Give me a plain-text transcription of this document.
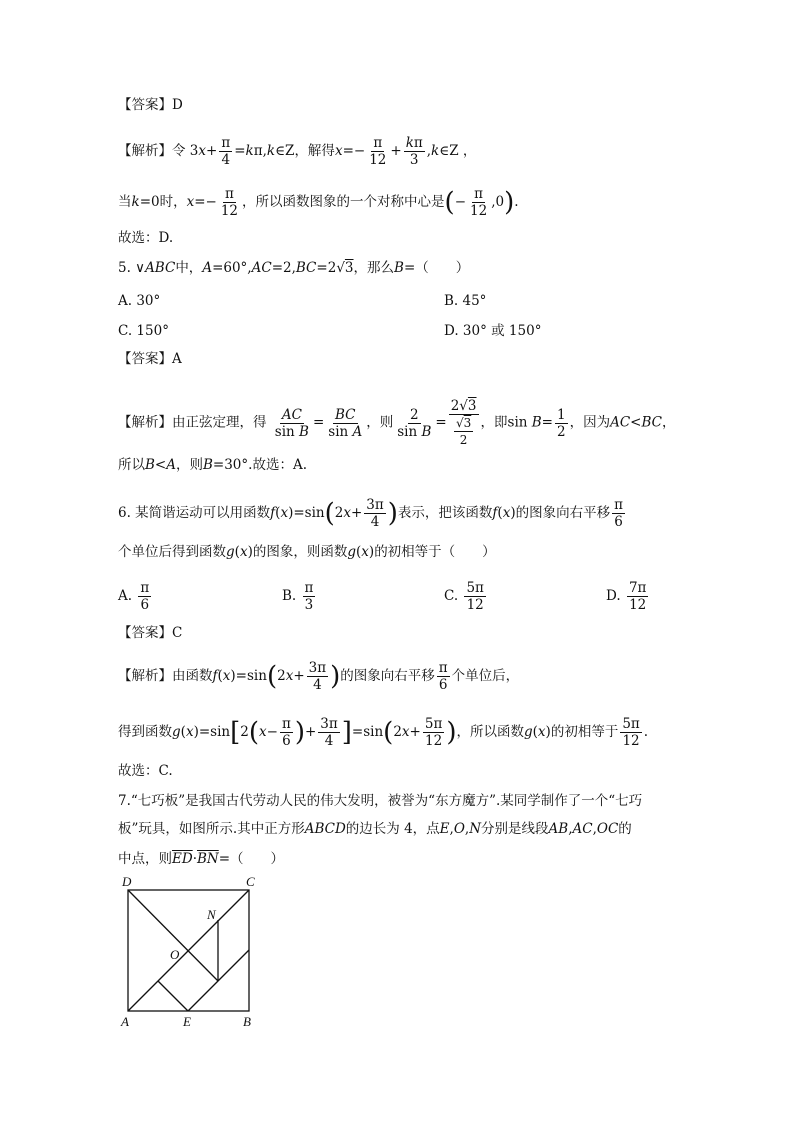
【答案】D
【解析】令 $3x+ \frac{\pi}{4}$ =kπ,k∈Z，解得$x=- \frac{\pi}{12} + \frac{k\pi}{3}$ ,k∈Z ，
当k=0时，$x=- \frac{\pi}{12}$ ，所以函数图象的一个对称中心是(− $\frac{\pi}{12} ,0$).
故选：D.
5. ∨ABC中，A=60°,AC=2,BC=2√3，那么B=（　　）
A. 30°	B. 45°
C. 150°	D. 30° 或 150°
【答案】A
【解析】由正弦定理，得 $\frac{AC}{\text{sin B}} = \frac{BC}{\text{sin A}}$ ，则 $\frac{2}{\text{sin B}} = \frac{2√3}{\frac{√3}{2}}$ ，即$\sin B= \frac{1}{2}$ ，因为AC<BC，
所以B<A，则B=30°.故选：A.
6. 某简谐运动可以用函数$f(x)=\sin(2x+ \frac{3\pi}{4}$ )表示，把该函数f(x)的图象向右平移 $\frac{\pi}{6}$
个单位后得到函数g(x)的图象，则函数g(x)的初相等于（　　）
A. $\frac{\pi}{6}$	B. $\frac{\pi}{3}$	C. $\frac{5\pi}{12}$	D. $\frac{7\pi}{12}$
【答案】C
【解析】由函数$f(x)=\sin(2x+ \frac{3\pi}{4}$ )的图象向右平移 $\frac{\pi}{6}$ 个单位后，
得到函数$g(x)=\sin[2(x- \frac{\pi}{6}$ )+ $\frac{3\pi}{4} ]=\sin(2x+ \frac{5\pi}{12}$ )，所以函数g(x)的初相等于 $\frac{5\pi}{12}$ .
故选：C.
7.“七巧板”是我国古代劳动人民的伟大发明，被誉为“东方魔方”.某同学制作了一个“七巧
板”玩具，如图所示.其中正方形ABCD的边长为 4，点E,O,N分别是线段AB,AC,OC的
中点，则$\overline{ED}\cdot\overline{BN}=$（　　）
D	C
N
O
A	E	B
